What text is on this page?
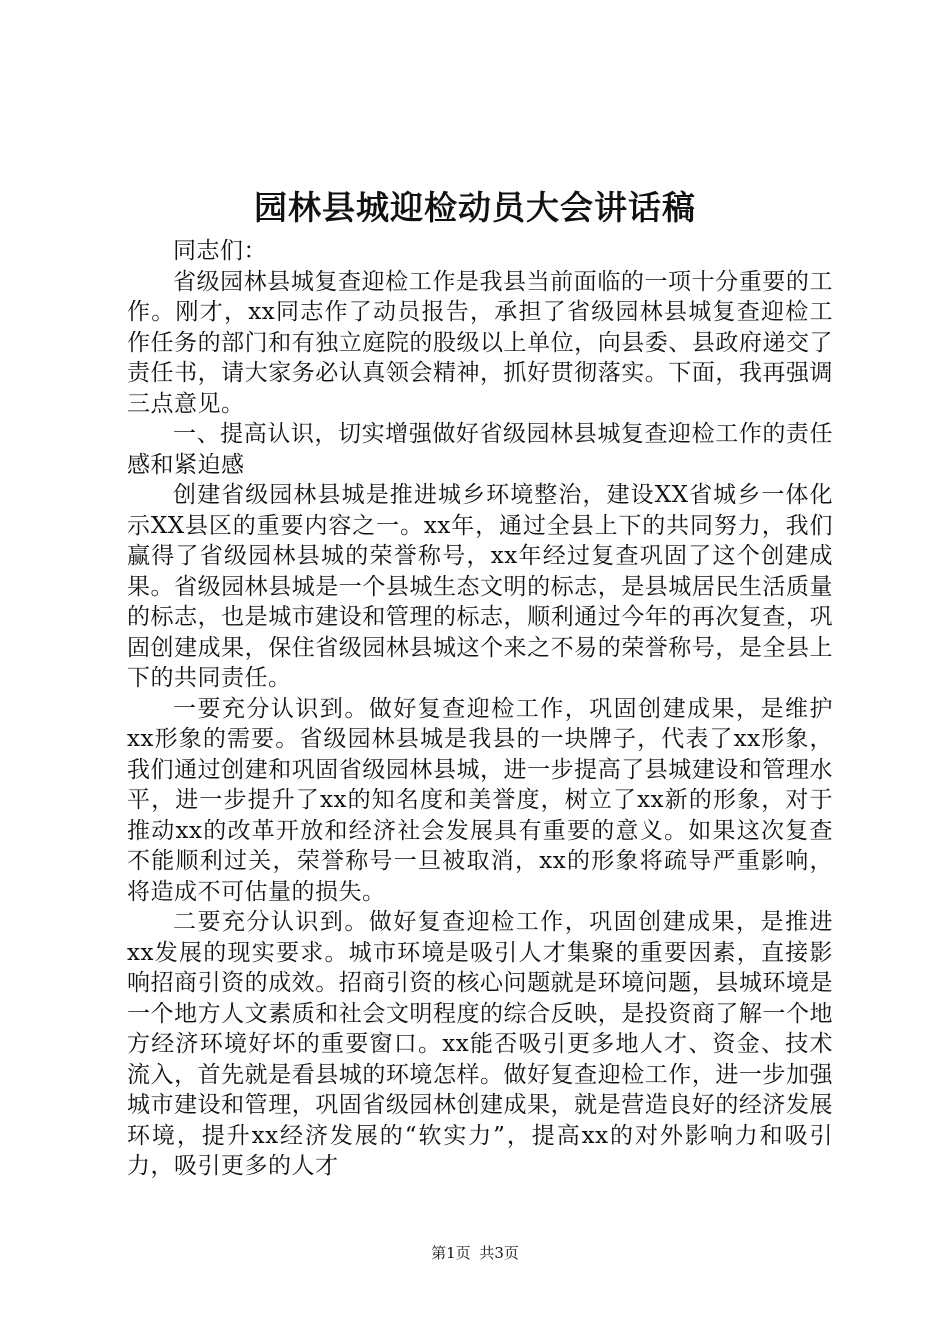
园林县城迎检动员大会讲话稿

同志们：

省级园林县城复查迎检工作是我县当前面临的一项十分重要的工作。刚才，xx同志作了动员报告，承担了省级园林县城复查迎检工作任务的部门和有独立庭院的股级以上单位，向县委、县政府递交了责任书，请大家务必认真领会精神，抓好贯彻落实。下面，我再强调三点意见。

一、提高认识，切实增强做好省级园林县城复查迎检工作的责任感和紧迫感

创建省级园林县城是推进城乡环境整治，建设XX省城乡一体化示XX县区的重要内容之一。xx年，通过全县上下的共同努力，我们赢得了省级园林县城的荣誉称号，xx年经过复查巩固了这个创建成果。省级园林县城是一个县城生态文明的标志，是县城居民生活质量的标志，也是城市建设和管理的标志，顺利通过今年的再次复查，巩固创建成果，保住省级园林县城这个来之不易的荣誉称号，是全县上下的共同责任。

一要充分认识到。做好复查迎检工作，巩固创建成果，是维护xx形象的需要。省级园林县城是我县的一块牌子，代表了xx形象，我们通过创建和巩固省级园林县城，进一步提高了县城建设和管理水平，进一步提升了xx的知名度和美誉度，树立了xx新的形象，对于推动xx的改革开放和经济社会发展具有重要的意义。如果这次复查不能顺利过关，荣誉称号一旦被取消，xx的形象将疏导严重影响，将造成不可估量的损失。

二要充分认识到。做好复查迎检工作，巩固创建成果，是推进xx发展的现实要求。城市环境是吸引人才集聚的重要因素，直接影响招商引资的成效。招商引资的核心问题就是环境问题，县城环境是一个地方人文素质和社会文明程度的综合反映，是投资商了解一个地方经济环境好坏的重要窗口。xx能否吸引更多地人才、资金、技术流入，首先就是看县城的环境怎样。做好复查迎检工作，进一步加强城市建设和管理，巩固省级园林创建成果，就是营造良好的经济发展环境，提升xx经济发展的“软实力”，提高xx的对外影响力和吸引力，吸引更多的人才

第1页 共3页
